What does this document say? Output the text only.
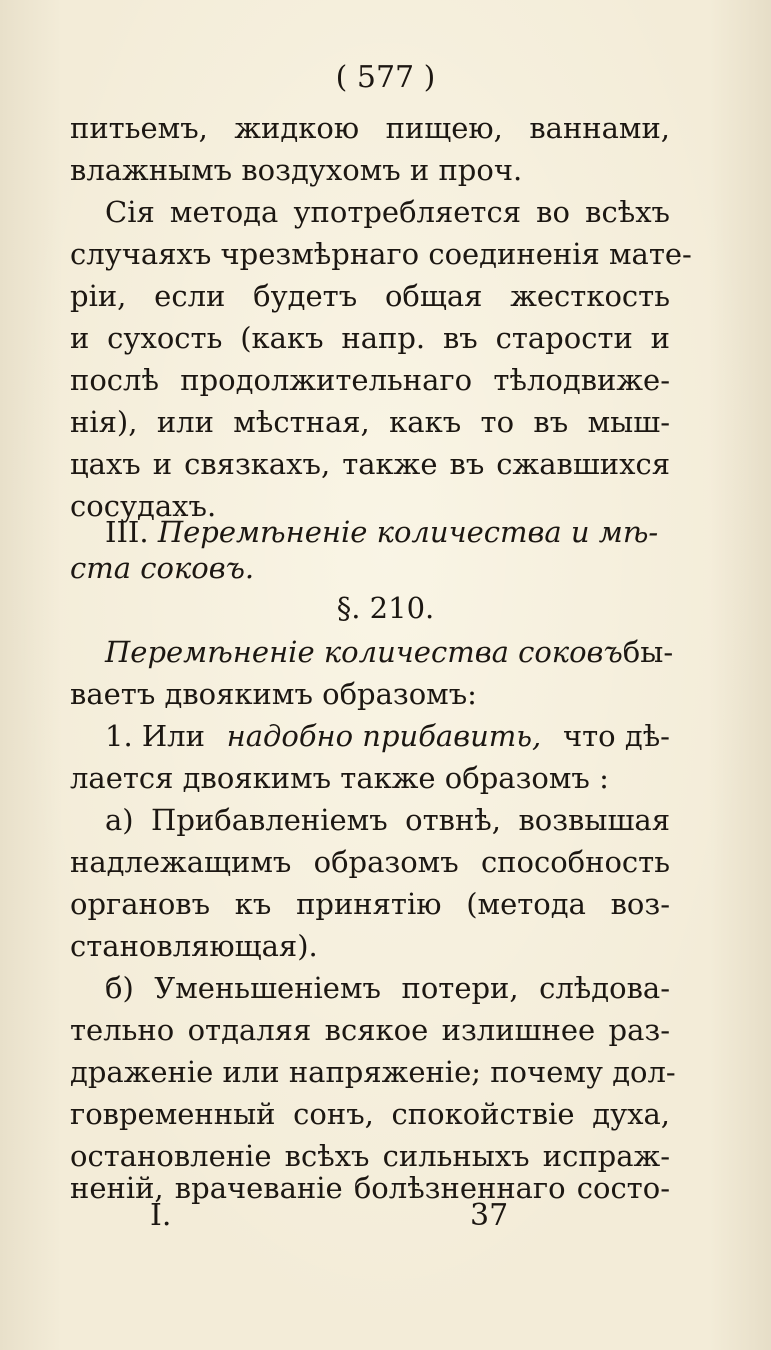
( 577 )
питьемъ, жидкою пищею, ваннами,
влажнымъ воздухомъ и проч.
Сія метода употребляется во всѣхъ
случаяхъ чрезмѣрнаго соединенія мате-
ріи, если будетъ общая жесткость
и сухость (какъ напр. въ старости и
послѣ продолжительнаго тѣлодвиже-
нія), или мѣстная, какъ то въ мыш-
цахъ и связкахъ, также въ сжавшихся
сосудахъ.
III. Перемѣненіе количества и мѣ-
ста соковъ.
§. 210.
Перемѣненіе количества соковъ бы-
ваетъ двоякимъ образомъ:
1. Или надобно прибавить, что дѣ-
лается двоякимъ также образомъ :
а) Прибавленіемъ отвнѣ, возвышая
надлежащимъ образомъ способность
органовъ къ принятію (метода воз-
становляющая).
б) Уменьшеніемъ потери, слѣдова-
тельно отдаляя всякое излишнее раз-
драженіе или напряженіе; почему дол-
говременный сонъ, спокойствіе духа,
остановленіе всѣхъ сильныхъ испраж-
неній, врачеваніе болѣзненнаго состо-
I.	37
